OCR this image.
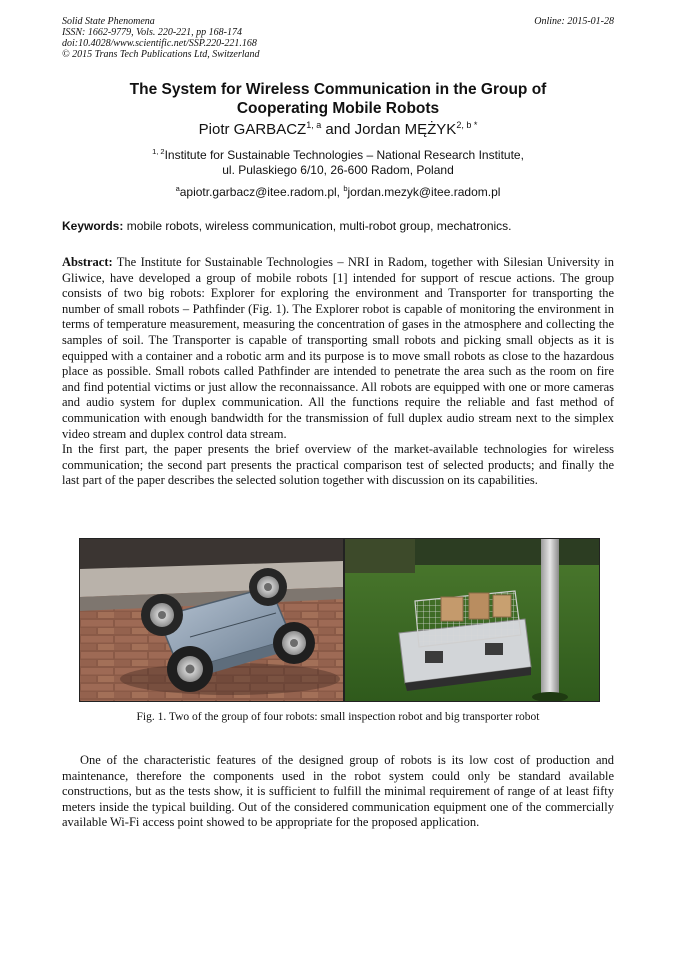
Solid State Phenomena
ISSN: 1662-9779, Vols. 220-221, pp 168-174
doi:10.4028/www.scientific.net/SSP.220-221.168
© 2015 Trans Tech Publications Ltd, Switzerland
Online: 2015-01-28
The System for Wireless Communication in the Group of
Cooperating Mobile Robots
Piotr GARBACZ$^{1, a}$ and Jordan $MĘŻYK^{2, b *}$
$^{1, 2}$Institute for Sustainable Technologies – National Research Institute,
ul. Pulaskiego 6/10, 26-600 Radom, Poland
$^a$apiotr.garbacz@itee.radom.pl, $^b$jordan.mezyk@itee.radom.pl
Keywords: mobile robots, wireless communication, multi-robot group, mechatronics.

Abstract: The Institute for Sustainable Technologies – NRI in Radom, together with Silesian University in Gliwice, have developed a group of mobile robots [1] intended for support of rescue actions. The group consists of two big robots: Explorer for exploring the environment and Transporter for transporting the number of small robots – Pathfinder (Fig. 1). The Explorer robot is capable of monitoring the environment in terms of temperature measurement, measuring the concentration of gases in the atmosphere and collecting the samples of soil. The Transporter is capable of transporting small robots and picking small objects as it is equipped with a container and a robotic arm and its purpose is to move small robots as close to the hazardous place as possible. Small robots called Pathfinder are intended to penetrate the area such as the room on fire and find potential victims or just allow the reconnaissance. All robots are equipped with one or more cameras and audio system for duplex communication. All the functions require the reliable and fast method of communication with enough bandwidth for the transmission of full duplex audio stream next to the simplex video stream and duplex control data stream.

In the first part, the paper presents the brief overview of the market-available technologies for wireless communication; the second part presents the practical comparison test of selected products; and finally the last part of the paper describes the selected solution together with discussion on its capabilities.

Fig. 1. Two of the group of four robots: small inspection robot and big transporter robot

One of the characteristic features of the designed group of robots is its low cost of production and maintenance, therefore the components used in the robot system could only be standard available constructions, but as the tests show, it is sufficient to fulfill the minimal requirement of range of at least fifty meters inside the typical building. Out of the considered communication equipment one of the commercially available Wi-Fi access point showed to be appropriate for the proposed application.
